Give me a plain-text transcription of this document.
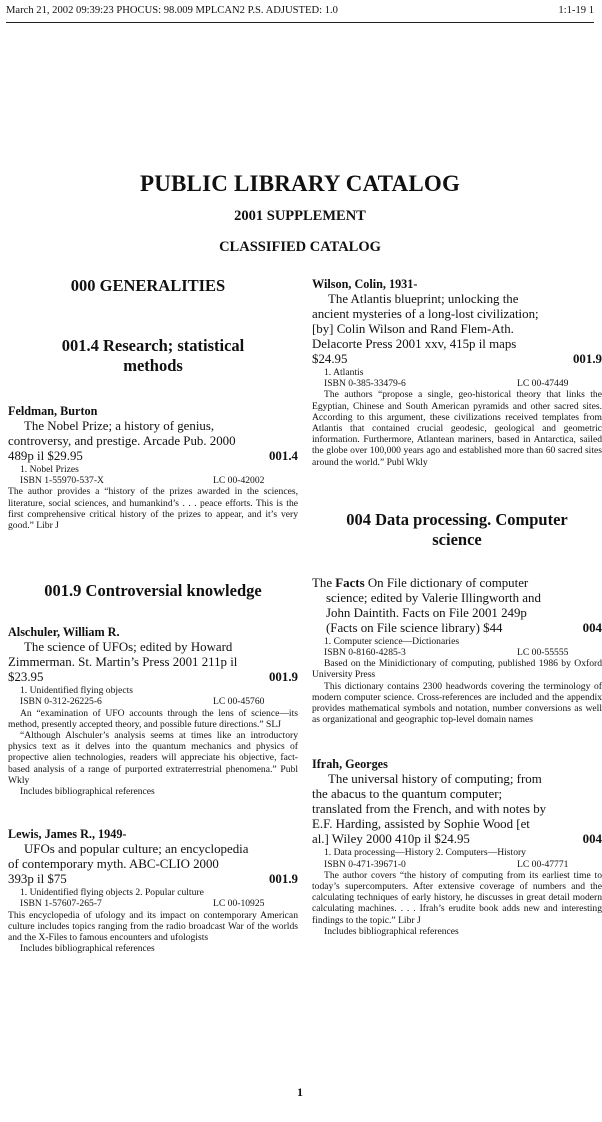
March 21, 2002 09:39:23 PHOCUS: 98.009 MPLCAN2 P.S. ADJUSTED: 1.0	1:1-19 1
PUBLIC LIBRARY CATALOG
2001 SUPPLEMENT
CLASSIFIED CATALOG
000 GENERALITIES
001.4 Research; statistical
methods
Feldman, Burton
The Nobel Prize; a history of genius,
controversy, and prestige. Arcade Pub. 2000
489p il $29.95	001.4
1. Nobel Prizes
ISBN 1-55970-537-X	LC 00-42002
The author provides a “history of the prizes awarded in the sciences, literature, social sciences, and humankind’s . . . peace efforts. This is the first comprehensive critical history of the prizes to appear, and it’s very good.” Libr J
001.9 Controversial knowledge
Alschuler, William R.
The science of UFOs; edited by Howard
Zimmerman. St. Martin’s Press 2001 211p il
$23.95	001.9
1. Unidentified flying objects
ISBN 0-312-26225-6	LC 00-45760
An “examination of UFO accounts through the lens of science—its method, presently accepted theory, and possible future directions.” SLJ
“Although Alschuler’s analysis seems at times like an introductory physics text as it delves into the quantum mechanics and physics of propective alien technologies, readers will appreciate his objective, fact-based analysis of a range of purported extraterrestrial phenomena.” Publ Wkly
Includes bibliographical references
Lewis, James R., 1949-
UFOs and popular culture; an encyclopedia
of contemporary myth. ABC-CLIO 2000
393p il $75	001.9
1. Unidentified flying objects 2. Popular culture
ISBN 1-57607-265-7	LC 00-10925
This encyclopedia of ufology and its impact on contemporary American culture includes topics ranging from the radio broadcast War of the worlds and the X-Files to famous encounters and ufologists
Includes bibliographical references
Wilson, Colin, 1931-
The Atlantis blueprint; unlocking the
ancient mysteries of a long-lost civilization;
[by] Colin Wilson and Rand Flem-Ath.
Delacorte Press 2001 xxv, 415p il maps
$24.95	001.9
1. Atlantis
ISBN 0-385-33479-6	LC 00-47449
The authors “propose a single, geo-historical theory that links the Egyptian, Chinese and South American pyramids and other sacred sites. According to this argument, these civilizations received templates from Atlantis that contained crucial geodesic, geological and geometric information. Furthermore, Atlantean mariners, based in Antarctica, sailed the globe over 100,000 years ago and established more than 60 sacred sites around the world.” Publ Wkly
004 Data processing. Computer
science
The Facts On File dictionary of computer
science; edited by Valerie Illingworth and
John Daintith. Facts on File 2001 249p
(Facts on File science library) $44	004
1. Computer science—Dictionaries
ISBN 0-8160-4285-3	LC 00-55555
Based on the Minidictionary of computing, published 1986 by Oxford University Press
This dictionary contains 2300 headwords covering the terminology of modern computer science. Cross-references are included and the appendix provides mathematical symbols and notation, number conversions as well as organizational and geographic top-level domain names
Ifrah, Georges
The universal history of computing; from
the abacus to the quantum computer;
translated from the French, and with notes by
E.F. Harding, assisted by Sophie Wood [et
al.] Wiley 2000 410p il $24.95	004
1. Data processing—History 2. Computers—History
ISBN 0-471-39671-0	LC 00-47771
The author covers “the history of computing from its earliest time to today’s supercomputers. After extensive coverage of numbers and the calculating techniques of early history, he discusses in great detail modern calculating machines. . . . Ifrah’s erudite book adds new and interesting findings to the topic.” Libr J
Includes bibliographical references
1
